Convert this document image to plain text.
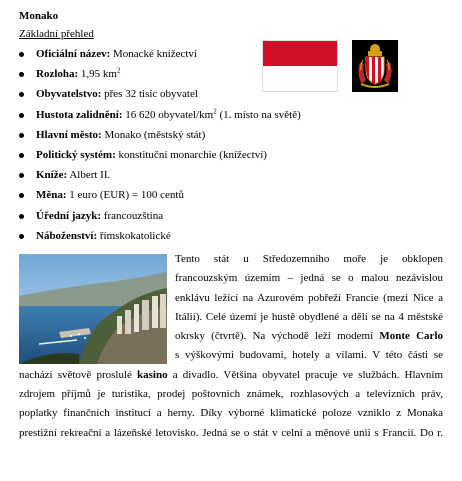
Monako
Základní přehled
Oficiální název: Monacké knížectví
Rozloha: 1,95 $km^2$
Obyvatelstvo: přes 32 tisíc obyvatel
Hustota zalidnění: 16 620 obyvatel/$km^2$ (1. místo na světě)
Hlavní město: Monako (městský stát)
Politický systém: konstituční monarchie (knížectví)
Kníže: Albert II.
Měna: 1 euro (EUR) = 100 centů
Úřední jazyk: francouzština
Náboženství: římskokatolické
Tento stát u Středozemního moře je obklopen
francouzským územím – jedná se o malou nezávislou
enklávu ležící na Azurovém pobřeží Francie (mezi Nice a
Itálií). Celé území je hustě obydlené a dělí se na 4 městské
okrsky (čtvrtě). Na východě leží modemí Monte Carlo
s výškovými budovami, hotely a vilami. V této části se
nachází světově proslulé kasino a divadlo. Většina obyvatel pracuje ve službách. Hlavním
zdrojem příjmů je turistika, prodej poštovních známek, rozhlasových a televizních práv,
poplatky finančních institucí a herny. Díky výborné klimatické poloze vzniklo z Monaka
prestižní rekreační a lázeňské letovisko. Jedná se o stát v celní a měnové unii s Francií. Do r.
